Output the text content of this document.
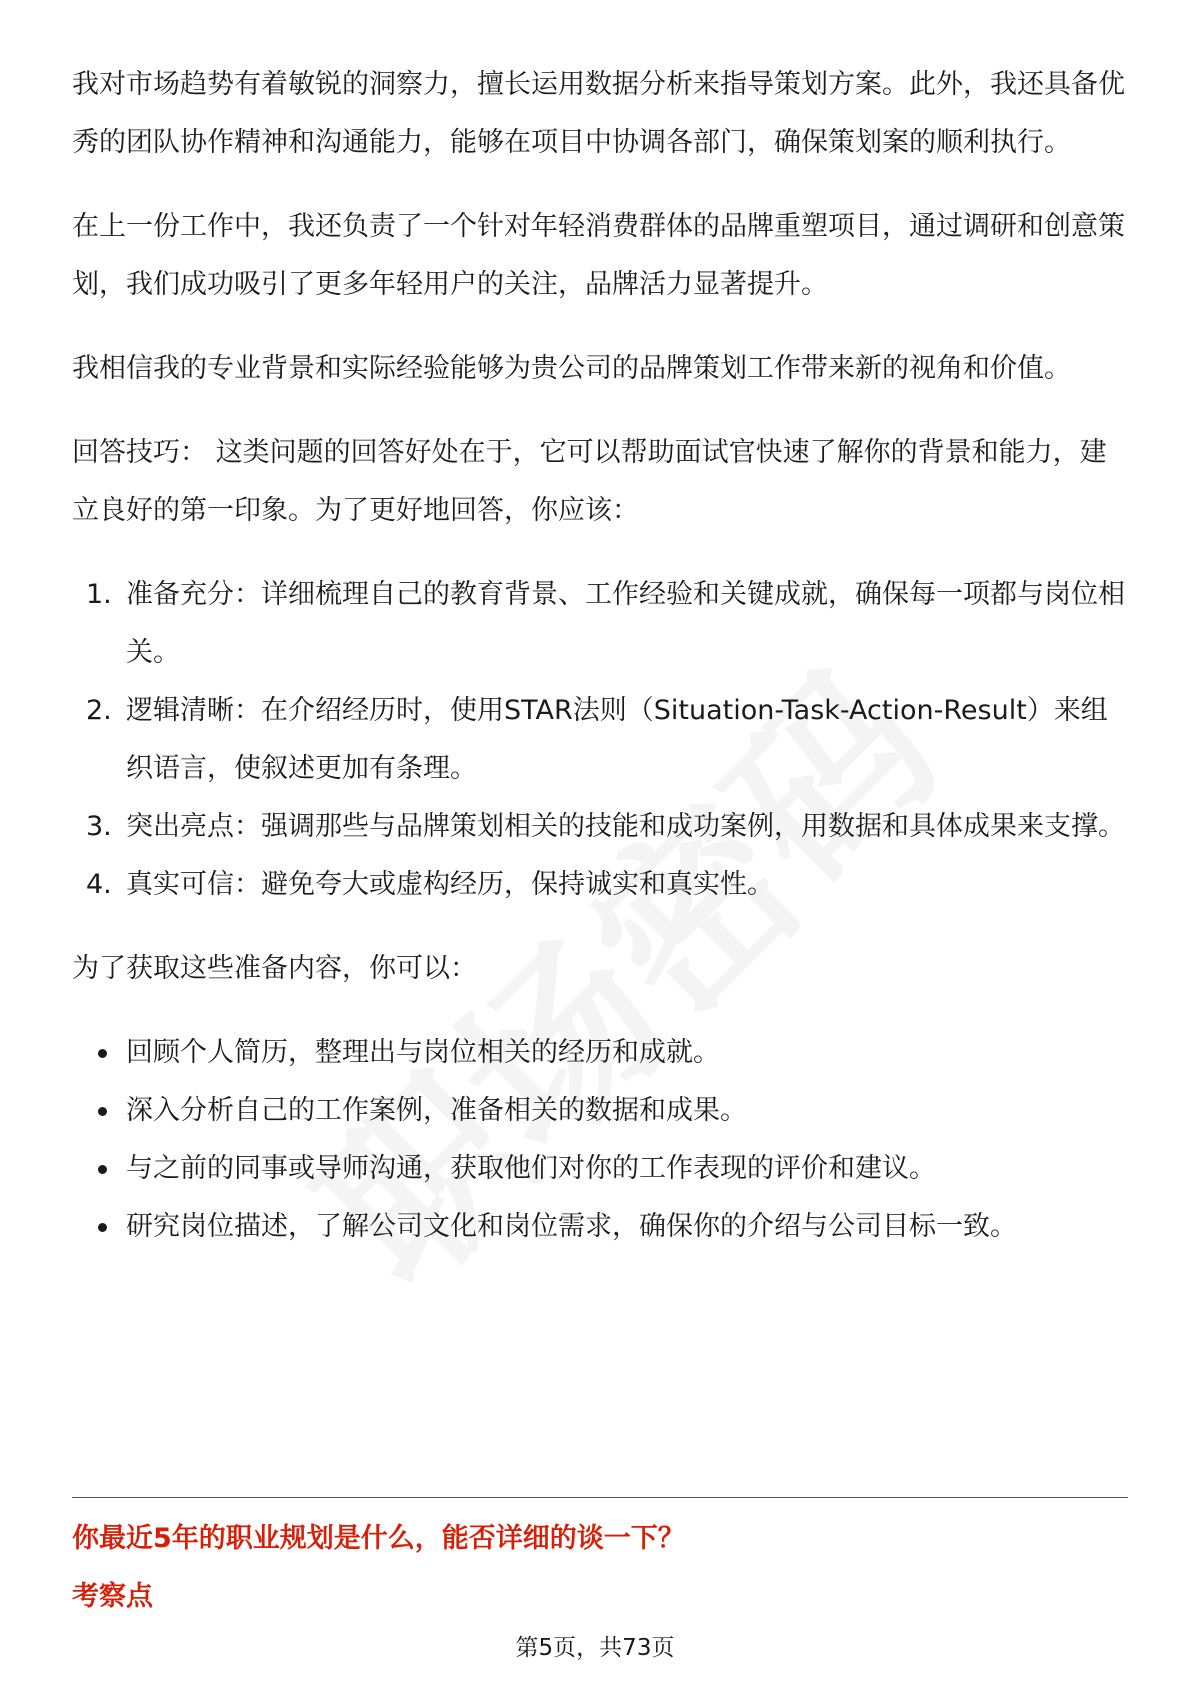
我对市场趋势有着敏锐的洞察力，擅长运用数据分析来指导策划方案。此外，我还具备优秀的团队协作精神和沟通能力，能够在项目中协调各部门，确保策划案的顺利执行。

在上一份工作中，我还负责了一个针对年轻消费群体的品牌重塑项目，通过调研和创意策划，我们成功吸引了更多年轻用户的关注，品牌活力显著提升。

我相信我的专业背景和实际经验能够为贵公司的品牌策划工作带来新的视角和价值。

回答技巧： 这类问题的回答好处在于，它可以帮助面试官快速了解你的背景和能力，建立良好的第一印象。为了更好地回答，你应该：

1. 准备充分：详细梳理自己的教育背景、工作经验和关键成就，确保每一项都与岗位相关。
2. 逻辑清晰：在介绍经历时，使用STAR法则（Situation-Task-Action-Result）来组织语言，使叙述更加有条理。
3. 突出亮点：强调那些与品牌策划相关的技能和成功案例，用数据和具体成果来支撑。
4. 真实可信：避免夸大或虚构经历，保持诚实和真实性。

为了获取这些准备内容，你可以：

回顾个人简历，整理出与岗位相关的经历和成就。
深入分析自己的工作案例，准备相关的数据和成果。
与之前的同事或导师沟通，获取他们对你的工作表现的评价和建议。
研究岗位描述，了解公司文化和岗位需求，确保你的介绍与公司目标一致。
你最近5年的职业规划是什么，能否详细的谈一下？
考察点
第5页，共73页
